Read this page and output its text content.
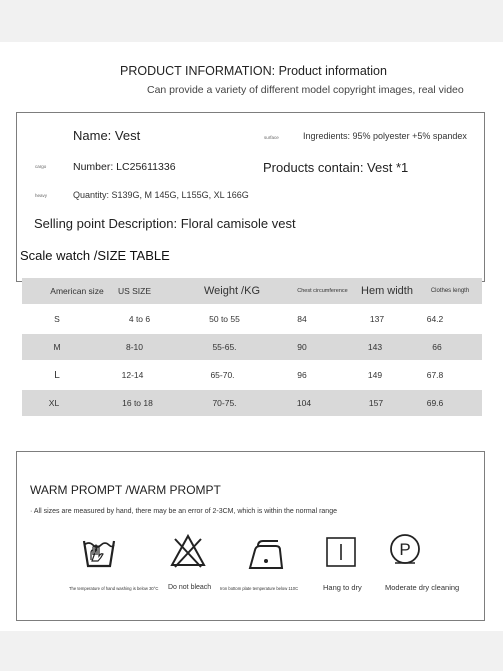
PRODUCT INFORMATION: Product information
Can provide a variety of different model copyright images, real video
Name: Vest	surface	Ingredients: 95% polyester +5% spandex
cargo	Number: LC25611336	Products contain: Vest *1
heavy	Quantity: S139G, M 145G, L155G, XL 166G
Selling point Description: Floral camisole vest
Scale watch /SIZE TABLE
American size	US SIZE	Weight /KG	Chest circumference	Hem width	Clothes length
S	4 to 6	50 to 55	84	137	64.2
M	8-10	55-65.	90	143	66
L	12-14	65-70.	96	149	67.8
XL	16 to 18	70-75.	104	157	69.6
WARM PROMPT /WARM PROMPT
· All sizes are measured by hand, there may be an error of 2-3CM, which is within the normal range
P
The temperature of hand washing is below 30°C Do not bleach Iron bottom plate temperature below 110C	Hang to dry	Moderate dry cleaning
